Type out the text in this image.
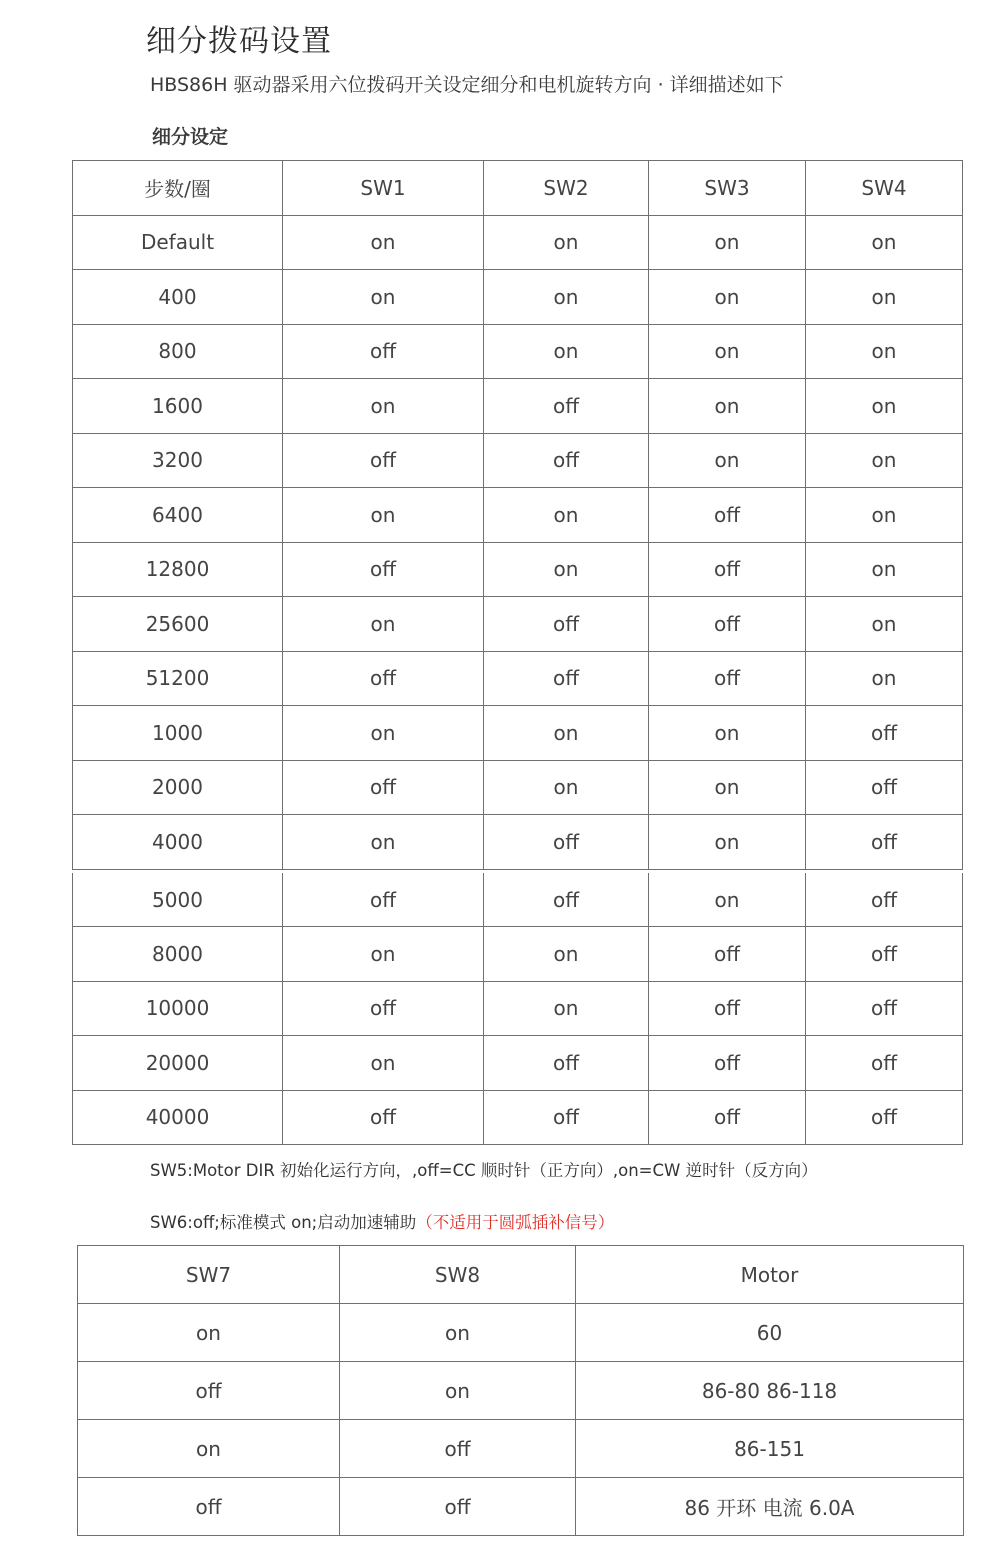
细分拨码设置
HBS86H 驱动器采用六位拨码开关设定细分和电机旋转方向 · 详细描述如下
细分设定
步数/圈	SW1	SW2	SW3	SW4
Default	on	on	on	on
400	on	on	on	on
800	off	on	on	on
1600	on	off	on	on
3200	off	off	on	on
6400	on	on	off	on
12800	off	on	off	on
25600	on	off	off	on
51200	off	off	off	on
1000	on	on	on	off
2000	off	on	on	off
4000	on	off	on	off
5000	off	off	on	off
8000	on	on	off	off
10000	off	on	off	off
20000	on	off	off	off
40000	off	off	off	off
SW5:Motor DIR 初始化运行方向，,off=CC 顺时针（正方向）,on=CW 逆时针（反方向）
SW6:off;标准模式 on;启动加速辅助（不适用于圆弧插补信号）
SW7	SW8	Motor
on	on	60
off	on	86-80 86-118
on	off	86-151
off	off	86 开环 电流 6.0A
